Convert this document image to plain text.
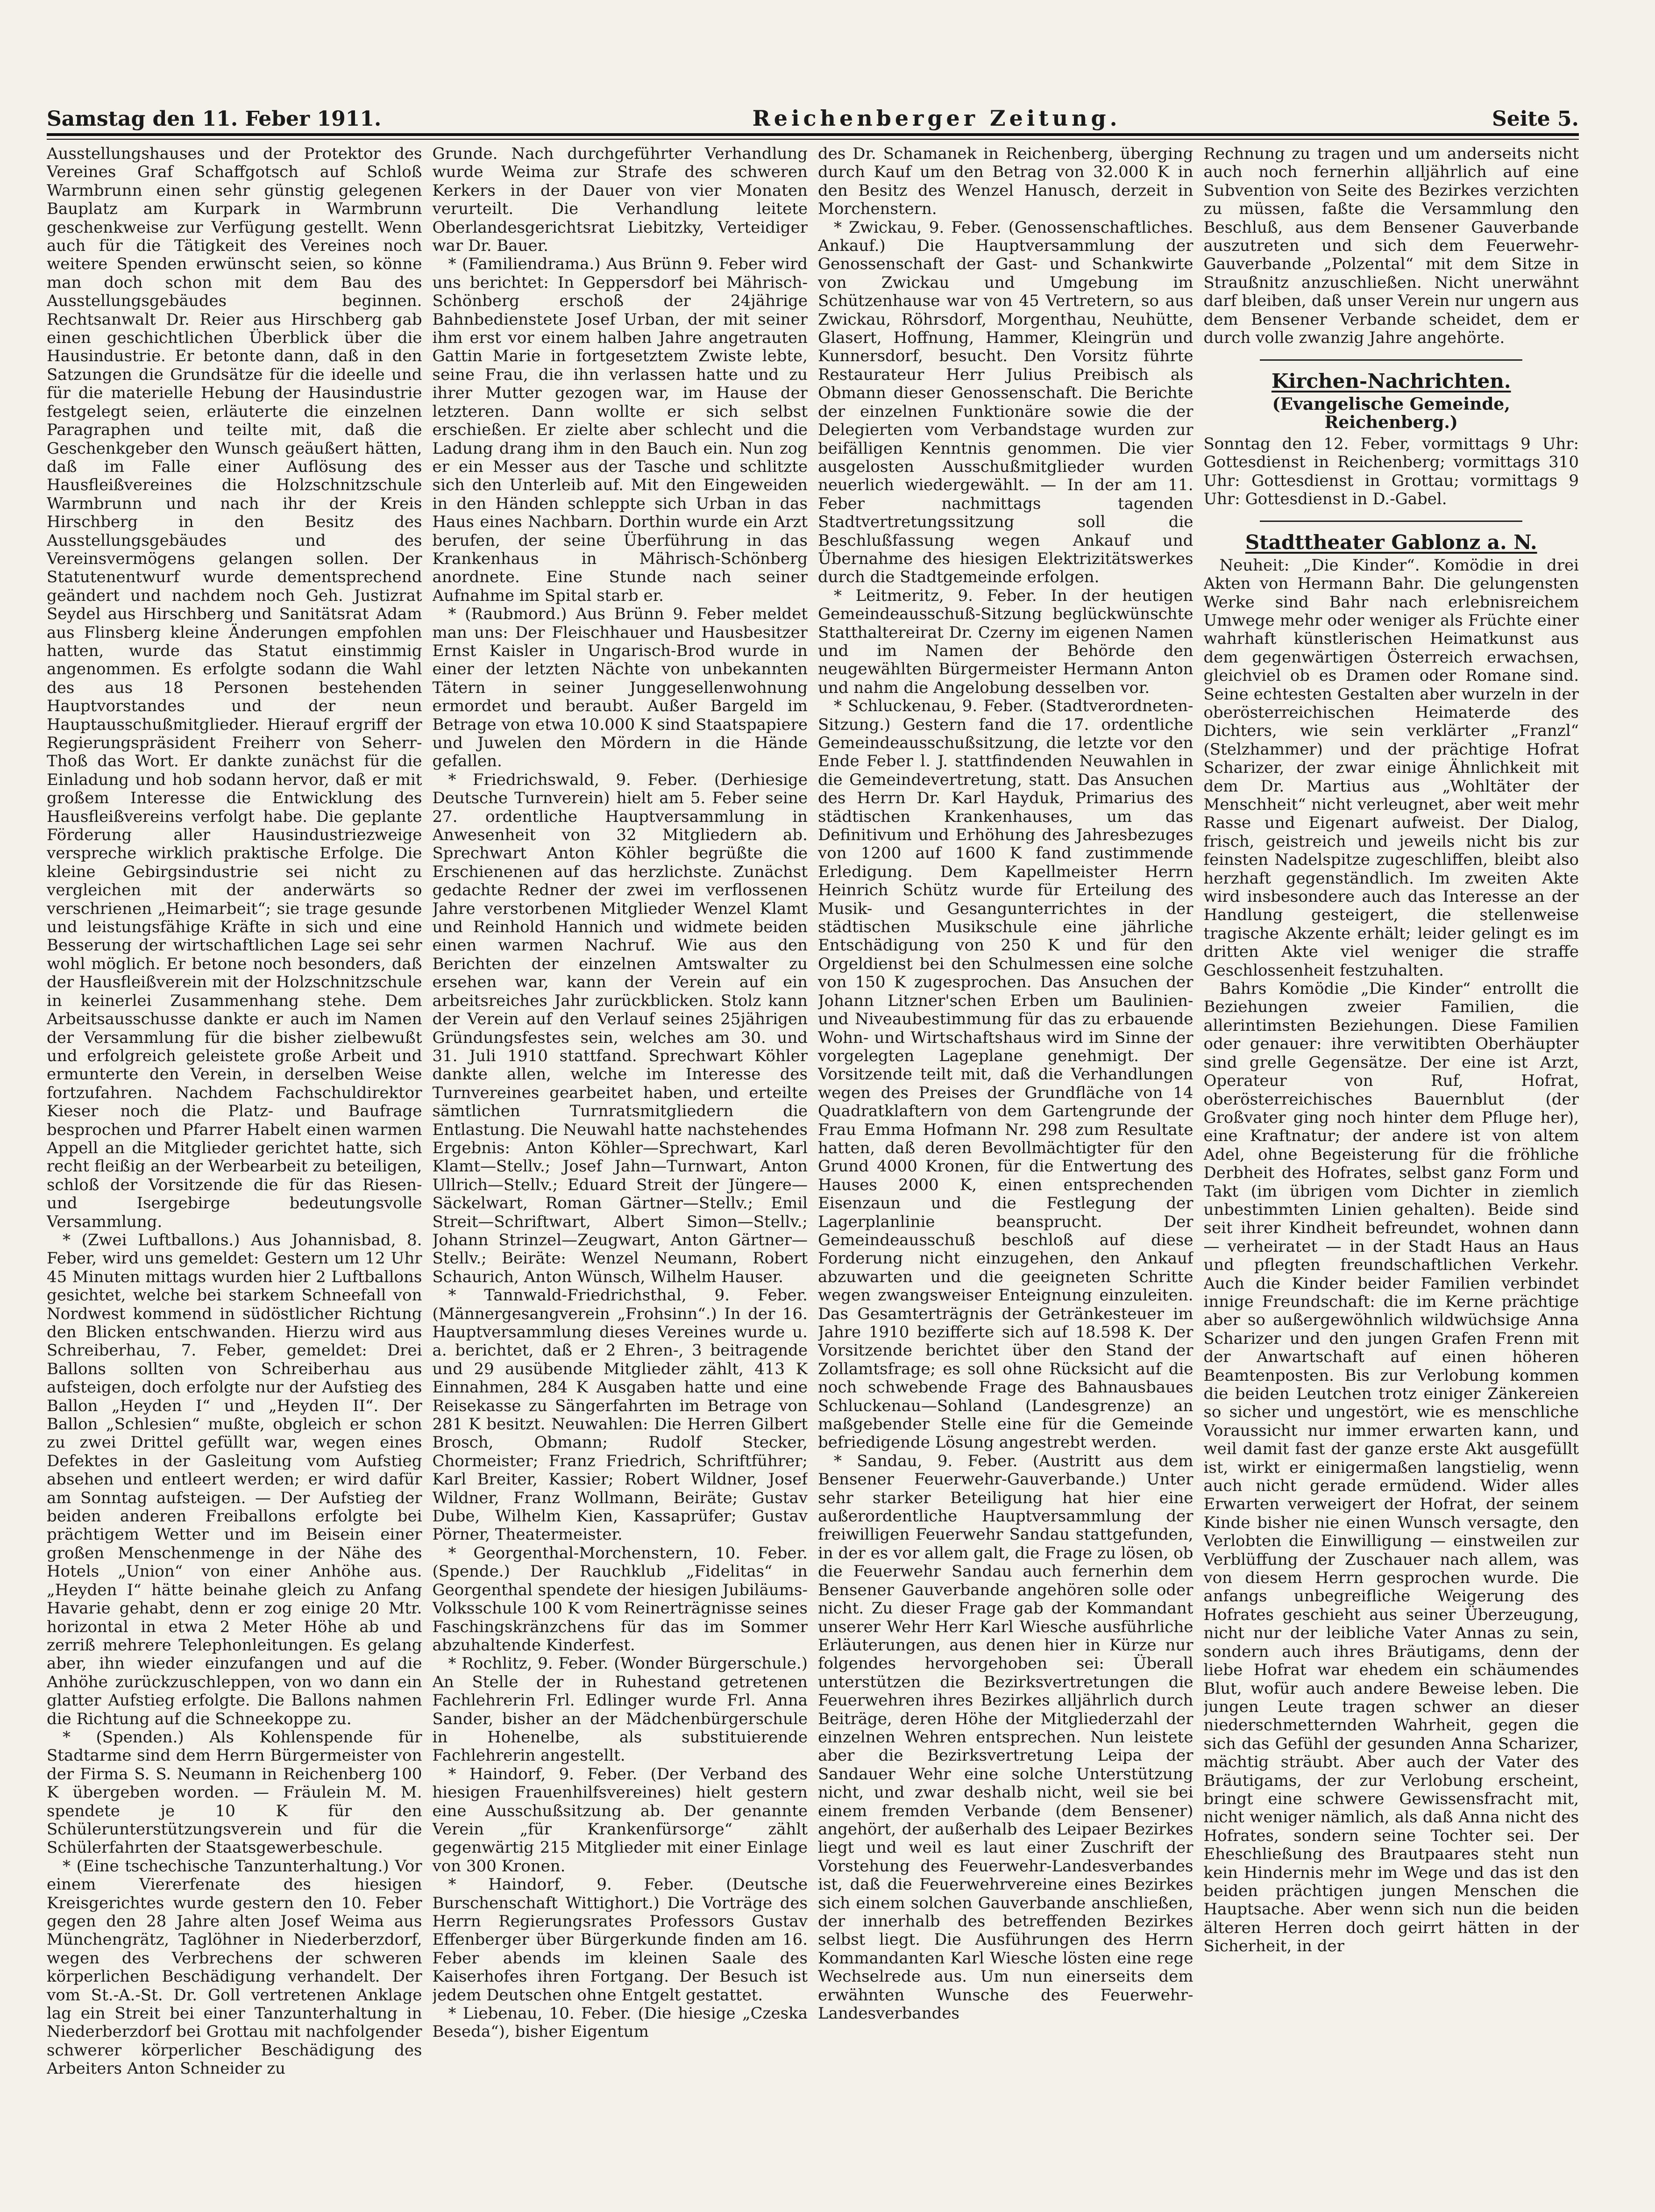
Samstag den 11. Feber 1911.	Reichenberger Zeitung.	Seite 5.

Ausstellungshauses und der Protektor des Vereines Graf Schaffgotsch auf Schloß Warmbrunn einen sehr günstig gelegenen Bauplatz am Kurpark in Warmbrunn geschenkweise zur Verfügung gestellt. Wenn auch für die Tätigkeit des Vereines noch weitere Spenden erwünscht seien, so könne man doch schon mit dem Bau des Ausstellungsgebäudes beginnen. Rechtsanwalt Dr. Reier aus Hirschberg gab einen geschichtlichen Überblick über die Hausindustrie. Er betonte dann, daß in den Satzungen die Grundsätze für die ideelle und für die materielle Hebung der Hausindustrie festgelegt seien, erläuterte die einzelnen Paragraphen und teilte mit, daß die Geschenkgeber den Wunsch geäußert hätten, daß im Falle einer Auflösung des Hausfleißvereines die Holzschnitzschule Warmbrunn und nach ihr der Kreis Hirschberg in den Besitz des Ausstellungsgebäudes und des Vereinsvermögens gelangen sollen. Der Statutenentwurf wurde dementsprechend geändert und nachdem noch Geh. Justizrat Seydel aus Hirschberg und Sanitätsrat Adam aus Flinsberg kleine Änderungen empfohlen hatten, wurde das Statut einstimmig angenommen. Es erfolgte sodann die Wahl des aus 18 Personen bestehenden Hauptvorstandes und der neun Hauptausschußmitglieder. Hierauf ergriff der Regierungspräsident Freiherr von Seherr-Thoß das Wort. Er dankte zunächst für die Einladung und hob sodann hervor, daß er mit großem Interesse die Entwicklung des Hausfleißvereins verfolgt habe. Die geplante Förderung aller Hausindustriezweige verspreche wirklich praktische Erfolge. Die kleine Gebirgsindustrie sei nicht zu vergleichen mit der anderwärts so verschrienen „Heimarbeit“; sie trage gesunde und leistungsfähige Kräfte in sich und eine Besserung der wirtschaftlichen Lage sei sehr wohl möglich. Er betone noch besonders, daß der Hausfleißverein mit der Holzschnitzschule in keinerlei Zusammenhang stehe. Dem Arbeitsausschusse dankte er auch im Namen der Versammlung für die bisher zielbewußt und erfolgreich geleistete große Arbeit und ermunterte den Verein, in derselben Weise fortzufahren. Nachdem Fachschuldirektor Kieser noch die Platz- und Baufrage besprochen und Pfarrer Habelt einen warmen Appell an die Mitglieder gerichtet hatte, sich recht fleißig an der Werbearbeit zu beteiligen, schloß der Vorsitzende die für das Riesen- und Isergebirge bedeutungsvolle Versammlung.

* (Zwei Luftballons.) Aus Johannisbad, 8. Feber, wird uns gemeldet: Gestern um 12 Uhr 45 Minuten mittags wurden hier 2 Luftballons gesichtet, welche bei starkem Schneefall von Nordwest kommend in südöstlicher Richtung den Blicken entschwanden. Hierzu wird aus Schreiberhau, 7. Feber, gemeldet: Drei Ballons sollten von Schreiberhau aus aufsteigen, doch erfolgte nur der Aufstieg des Ballon „Heyden I“ und „Heyden II“. Der Ballon „Schlesien“ mußte, obgleich er schon zu zwei Drittel gefüllt war, wegen eines Defektes in der Gasleitung vom Aufstieg absehen und entleert werden; er wird dafür am Sonntag aufsteigen. — Der Aufstieg der beiden anderen Freiballons erfolgte bei prächtigem Wetter und im Beisein einer großen Menschenmenge in der Nähe des Hotels „Union“ von einer Anhöhe aus. „Heyden I“ hätte beinahe gleich zu Anfang Havarie gehabt, denn er zog einige 20 Mtr. horizontal in etwa 2 Meter Höhe ab und zerriß mehrere Telephonleitungen. Es gelang aber, ihn wieder einzufangen und auf die Anhöhe zurückzuschleppen, von wo dann ein glatter Aufstieg erfolgte. Die Ballons nahmen die Richtung auf die Schneekoppe zu.

* (Spenden.) Als Kohlenspende für Stadtarme sind dem Herrn Bürgermeister von der Firma S. S. Neumann in Reichenberg 100 K übergeben worden. — Fräulein M. M. spendete je 10 K für den Schülerunterstützungsverein und für die Schülerfahrten der Staatsgewerbeschule.

* (Eine tschechische Tanzunterhaltung.) Vor einem Viererfenate des hiesigen Kreisgerichtes wurde gestern den 10. Feber gegen den 28 Jahre alten Josef Weima aus Münchengrätz, Taglöhner in Niederberzdorf, wegen des Verbrechens der schweren körperlichen Beschädigung verhandelt. Der vom St.-A.-St. Dr. Goll vertretenen Anklage lag ein Streit bei einer Tanzunterhaltung in Niederberzdorf bei Grottau mit nachfolgender schwerer körperlicher Beschädigung des Arbeiters Anton Schneider zu

Grunde. Nach durchgeführter Verhandlung wurde Weima zur Strafe des schweren Kerkers in der Dauer von vier Monaten verurteilt. Die Verhandlung leitete Oberlandesgerichtsrat Liebitzky, Verteidiger war Dr. Bauer.

* (Familiendrama.) Aus Brünn 9. Feber wird uns berichtet: In Geppersdorf bei Mährisch-Schönberg erschoß der 24jährige Bahnbedienstete Josef Urban, der mit seiner ihm erst vor einem halben Jahre angetrauten Gattin Marie in fortgesetztem Zwiste lebte, seine Frau, die ihn verlassen hatte und zu ihrer Mutter gezogen war, im Hause der letzteren. Dann wollte er sich selbst erschießen. Er zielte aber schlecht und die Ladung drang ihm in den Bauch ein. Nun zog er ein Messer aus der Tasche und schlitzte sich den Unterleib auf. Mit den Eingeweiden in den Händen schleppte sich Urban in das Haus eines Nachbarn. Dorthin wurde ein Arzt berufen, der seine Überführung in das Krankenhaus in Mährisch-Schönberg anordnete. Eine Stunde nach seiner Aufnahme im Spital starb er.

* (Raubmord.) Aus Brünn 9. Feber meldet man uns: Der Fleischhauer und Hausbesitzer Ernst Kaisler in Ungarisch-Brod wurde in einer der letzten Nächte von unbekannten Tätern in seiner Junggesellenwohnung ermordet und beraubt. Außer Bargeld im Betrage von etwa 10.000 K sind Staatspapiere und Juwelen den Mördern in die Hände gefallen.

* Friedrichswald, 9. Feber. (Derhiesige Deutsche Turnverein) hielt am 5. Feber seine 27. ordentliche Hauptversammlung in Anwesenheit von 32 Mitgliedern ab. Sprechwart Anton Köhler begrüßte die Erschienenen auf das herzlichste. Zunächst gedachte Redner der zwei im verflossenen Jahre verstorbenen Mitglieder Wenzel Klamt und Reinhold Hannich und widmete beiden einen warmen Nachruf. Wie aus den Berichten der einzelnen Amtswalter zu ersehen war, kann der Verein auf ein arbeitsreiches Jahr zurückblicken. Stolz kann der Verein auf den Verlauf seines 25jährigen Gründungsfestes sein, welches am 30. und 31. Juli 1910 stattfand. Sprechwart Köhler dankte allen, welche im Interesse des Turnvereines gearbeitet haben, und erteilte sämtlichen Turnratsmitgliedern die Entlastung. Die Neuwahl hatte nachstehendes Ergebnis: Anton Köhler—Sprechwart, Karl Klamt—Stellv.; Josef Jahn—Turnwart, Anton Ullrich—Stellv.; Eduard Streit der Jüngere—Säckelwart, Roman Gärtner—Stellv.; Emil Streit—Schriftwart, Albert Simon—Stellv.; Johann Strinzel—Zeugwart, Anton Gärtner—Stellv.; Beiräte: Wenzel Neumann, Robert Schaurich, Anton Wünsch, Wilhelm Hauser.

* Tannwald-Friedrichsthal, 9. Feber. (Männergesangverein „Frohsinn“.) In der 16. Hauptversammlung dieses Vereines wurde u. a. berichtet, daß er 2 Ehren-, 3 beitragende und 29 ausübende Mitglieder zählt, 413 K Einnahmen, 284 K Ausgaben hatte und eine Reisekasse zu Sängerfahrten im Betrage von 281 K besitzt. Neuwahlen: Die Herren Gilbert Brosch, Obmann; Rudolf Stecker, Chormeister; Franz Friedrich, Schriftführer; Karl Breiter, Kassier; Robert Wildner, Josef Wildner, Franz Wollmann, Beiräte; Gustav Dube, Wilhelm Kien, Kassaprüfer; Gustav Pörner, Theatermeister.

* Georgenthal-Morchenstern, 10. Feber. (Spende.) Der Rauchklub „Fidelitas“ in Georgenthal spendete der hiesigen Jubiläums-Volksschule 100 K vom Reinerträgnisse seines Faschingskränzchens für das im Sommer abzuhaltende Kinderfest.

* Rochlitz, 9. Feber. (Wonder Bürgerschule.) An Stelle der in Ruhestand getretenen Fachlehrerin Frl. Edlinger wurde Frl. Anna Sander, bisher an der Mädchenbürgerschule in Hohenelbe, als substituierende Fachlehrerin angestellt.

* Haindorf, 9. Feber. (Der Verband des hiesigen Frauenhilfsvereines) hielt gestern eine Ausschußsitzung ab. Der genannte Verein „für Krankenfürsorge“ zählt gegenwärtig 215 Mitglieder mit einer Einlage von 300 Kronen.

* Haindorf, 9. Feber. (Deutsche Burschenschaft Wittighort.) Die Vorträge des Herrn Regierungsrates Professors Gustav Effenberger über Bürgerkunde finden am 16. Feber abends im kleinen Saale des Kaiserhofes ihren Fortgang. Der Besuch ist jedem Deutschen ohne Entgelt gestattet.

* Liebenau, 10. Feber. (Die hiesige „Czeska Beseda“), bisher Eigentum

des Dr. Schamanek in Reichenberg, überging durch Kauf um den Betrag von 32.000 K in den Besitz des Wenzel Hanusch, derzeit in Morchenstern.

* Zwickau, 9. Feber. (Genossenschaftliches. Ankauf.) Die Hauptversammlung der Genossenschaft der Gast- und Schankwirte von Zwickau und Umgebung im Schützenhause war von 45 Vertretern, so aus Zwickau, Röhrsdorf, Morgenthau, Neuhütte, Glasert, Hoffnung, Hammer, Kleingrün und Kunnersdorf, besucht. Den Vorsitz führte Restaurateur Herr Julius Preibisch als Obmann dieser Genossenschaft. Die Berichte der einzelnen Funktionäre sowie die der Delegierten vom Verbandstage wurden zur beifälligen Kenntnis genommen. Die vier ausgelosten Ausschußmitglieder wurden neuerlich wiedergewählt. — In der am 11. Feber nachmittags tagenden Stadtvertretungssitzung soll die Beschlußfassung wegen Ankauf und Übernahme des hiesigen Elektrizitätswerkes durch die Stadtgemeinde erfolgen.

* Leitmeritz, 9. Feber. In der heutigen Gemeindeausschuß-Sitzung beglückwünschte Statthaltereirat Dr. Czerny im eigenen Namen und im Namen der Behörde den neugewählten Bürgermeister Hermann Anton und nahm die Angelobung desselben vor.

* Schluckenau, 9. Feber. (Stadtverordneten-Sitzung.) Gestern fand die 17. ordentliche Gemeindeausschußsitzung, die letzte vor den Ende Feber l. J. stattfindenden Neuwahlen in die Gemeindevertretung, statt. Das Ansuchen des Herrn Dr. Karl Hayduk, Primarius des städtischen Krankenhauses, um das Definitivum und Erhöhung des Jahresbezuges von 1200 auf 1600 K fand zustimmende Erledigung. Dem Kapellmeister Herrn Heinrich Schütz wurde für Erteilung des Musik- und Gesangunterrichtes in der städtischen Musikschule eine jährliche Entschädigung von 250 K und für den Orgeldienst bei den Schulmessen eine solche von 150 K zugesprochen. Das Ansuchen der Johann Litzner'schen Erben um Baulinien- und Niveaubestimmung für das zu erbauende Wohn- und Wirtschaftshaus wird im Sinne der vorgelegten Lageplane genehmigt. Der Vorsitzende teilt mit, daß die Verhandlungen wegen des Preises der Grundfläche von 14 Quadratklaftern von dem Gartengrunde der Frau Emma Hofmann Nr. 298 zum Resultate hatten, daß deren Bevollmächtigter für den Grund 4000 Kronen, für die Entwertung des Hauses 2000 K, einen entsprechenden Eisenzaun und die Festlegung der Lagerplanlinie beansprucht. Der Gemeindeausschuß beschloß auf diese Forderung nicht einzugehen, den Ankauf abzuwarten und die geeigneten Schritte wegen zwangsweiser Enteignung einzuleiten. Das Gesamterträgnis der Getränkesteuer im Jahre 1910 bezifferte sich auf 18.598 K. Der Vorsitzende berichtet über den Stand der Zollamtsfrage; es soll ohne Rücksicht auf die noch schwebende Frage des Bahnausbaues Schluckenau—Sohland (Landesgrenze) an maßgebender Stelle eine für die Gemeinde befriedigende Lösung angestrebt werden.

* Sandau, 9. Feber. (Austritt aus dem Bensener Feuerwehr-Gauverbande.) Unter sehr starker Beteiligung hat hier eine außerordentliche Hauptversammlung der freiwilligen Feuerwehr Sandau stattgefunden, in der es vor allem galt, die Frage zu lösen, ob die Feuerwehr Sandau auch fernerhin dem Bensener Gauverbande angehören solle oder nicht. Zu dieser Frage gab der Kommandant unserer Wehr Herr Karl Wiesche ausführliche Erläuterungen, aus denen hier in Kürze nur folgendes hervorgehoben sei: Überall unterstützen die Bezirksvertretungen die Feuerwehren ihres Bezirkes alljährlich durch Beiträge, deren Höhe der Mitgliederzahl der einzelnen Wehren entsprechen. Nun leistete aber die Bezirksvertretung Leipa der Sandauer Wehr eine solche Unterstützung nicht, und zwar deshalb nicht, weil sie bei einem fremden Verbande (dem Bensener) angehört, der außerhalb des Leipaer Bezirkes liegt und weil es laut einer Zuschrift der Vorstehung des Feuerwehr-Landesverbandes ist, daß die Feuerwehrvereine eines Bezirkes sich einem solchen Gauverbande anschließen, der innerhalb des betreffenden Bezirkes selbst liegt. Die Ausführungen des Herrn Kommandanten Karl Wiesche lösten eine rege Wechselrede aus. Um nun einerseits dem erwähnten Wunsche des Feuerwehr-Landesverbandes

Rechnung zu tragen und um anderseits nicht auch noch fernerhin alljährlich auf eine Subvention von Seite des Bezirkes verzichten zu müssen, faßte die Versammlung den Beschluß, aus dem Bensener Gauverbande auszutreten und sich dem Feuerwehr-Gauverbande „Polzental“ mit dem Sitze in Straußnitz anzuschließen. Nicht unerwähnt darf bleiben, daß unser Verein nur ungern aus dem Bensener Verbande scheidet, dem er durch volle zwanzig Jahre angehörte.

Kirchen-Nachrichten.
(Evangelische Gemeinde, Reichenberg.)

Sonntag den 12. Feber, vormittags 9 Uhr: Gottesdienst in Reichenberg; vormittags 310 Uhr: Gottesdienst in Grottau; vormittags 9 Uhr: Gottesdienst in D.-Gabel.

Stadttheater Gablonz a. N.

Neuheit: „Die Kinder“. Komödie in drei Akten von Hermann Bahr. Die gelungensten Werke sind Bahr nach erlebnisreichem Umwege mehr oder weniger als Früchte einer wahrhaft künstlerischen Heimatkunst aus dem gegenwärtigen Österreich erwachsen, gleichviel ob es Dramen oder Romane sind. Seine echtesten Gestalten aber wurzeln in der oberösterreichischen Heimaterde des Dichters, wie sein verklärter „Franzl“ (Stelzhammer) und der prächtige Hofrat Scharizer, der zwar einige Ähnlichkeit mit dem Dr. Martius aus „Wohltäter der Menschheit“ nicht verleugnet, aber weit mehr Rasse und Eigenart aufweist. Der Dialog, frisch, geistreich und jeweils nicht bis zur feinsten Nadelspitze zugeschliffen, bleibt also herzhaft gegenständlich. Im zweiten Akte wird insbesondere auch das Interesse an der Handlung gesteigert, die stellenweise tragische Akzente erhält; leider gelingt es im dritten Akte viel weniger die straffe Geschlossenheit festzuhalten.

Bahrs Komödie „Die Kinder“ entrollt die Beziehungen zweier Familien, die allerintimsten Beziehungen. Diese Familien oder genauer: ihre verwitibten Oberhäupter sind grelle Gegensätze. Der eine ist Arzt, Operateur von Ruf, Hofrat, oberösterreichisches Bauernblut (der Großvater ging noch hinter dem Pfluge her), eine Kraftnatur; der andere ist von altem Adel, ohne Begeisterung für die fröhliche Derbheit des Hofrates, selbst ganz Form und Takt (im übrigen vom Dichter in ziemlich unbestimmten Linien gehalten). Beide sind seit ihrer Kindheit befreundet, wohnen dann — verheiratet — in der Stadt Haus an Haus und pflegten freundschaftlichen Verkehr. Auch die Kinder beider Familien verbindet innige Freundschaft: die im Kerne prächtige aber so außergewöhnlich wildwüchsige Anna Scharizer und den jungen Grafen Frenn mit der Anwartschaft auf einen höheren Beamtenposten. Bis zur Verlobung kommen die beiden Leutchen trotz einiger Zänkereien so sicher und ungestört, wie es menschliche Voraussicht nur immer erwarten kann, und weil damit fast der ganze erste Akt ausgefüllt ist, wirkt er einigermaßen langstielig, wenn auch nicht gerade ermüdend. Wider alles Erwarten verweigert der Hofrat, der seinem Kinde bisher nie einen Wunsch versagte, den Verlobten die Einwilligung — einstweilen zur Verblüffung der Zuschauer nach allem, was von diesem Herrn gesprochen wurde. Die anfangs unbegreifliche Weigerung des Hofrates geschieht aus seiner Überzeugung, nicht nur der leibliche Vater Annas zu sein, sondern auch ihres Bräutigams, denn der liebe Hofrat war ehedem ein schäumendes Blut, wofür auch andere Beweise leben. Die jungen Leute tragen schwer an dieser niederschmetternden Wahrheit, gegen die sich das Gefühl der gesunden Anna Scharizer, mächtig sträubt. Aber auch der Vater des Bräutigams, der zur Verlobung erscheint, bringt eine schwere Gewissensfracht mit, nicht weniger nämlich, als daß Anna nicht des Hofrates, sondern seine Tochter sei. Der Eheschließung des Brautpaares steht nun kein Hindernis mehr im Wege und das ist den beiden prächtigen jungen Menschen die Hauptsache. Aber wenn sich nun die beiden älteren Herren doch geirrt hätten in der Sicherheit, in der
